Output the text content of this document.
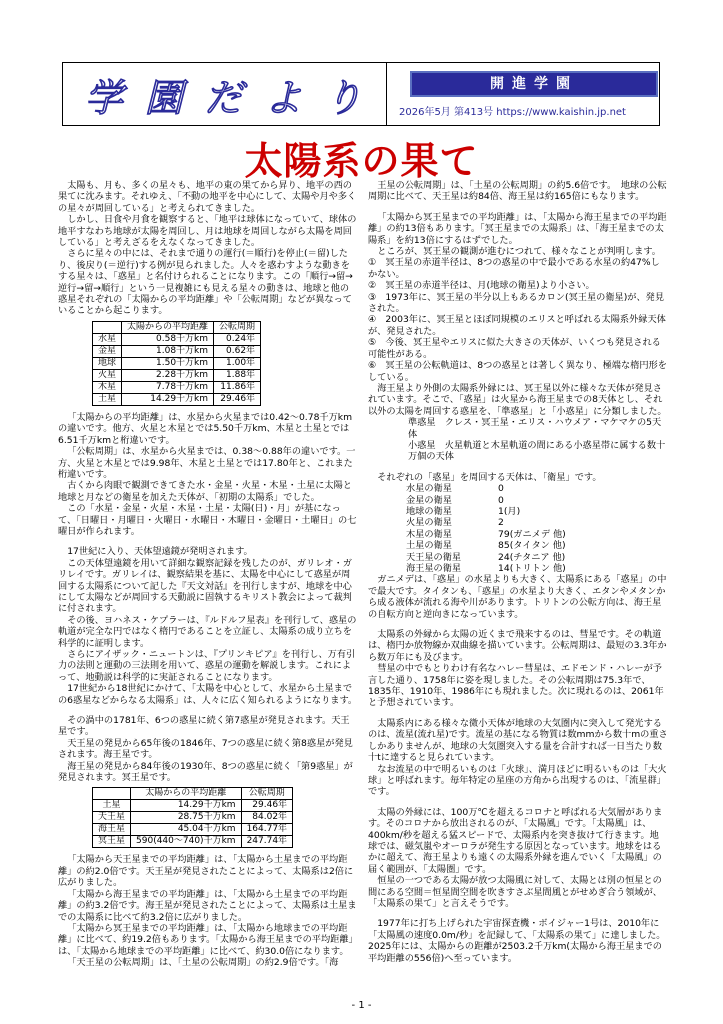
学 園 だ よ り	開進学園
2026年5月 第413号 https://www.kaishin.jp.net
太陽系の果て

太陽も、月も、多くの星々も、地平の東の果てから昇り、地平の西の果てに沈みます。それゆえ、「不動の地平を中心にして、太陽や月や多くの星々が周回している」と考えられてきました。

しかし、日食や月食を観察すると、「地平は球体になっていて、球体の地平すなわち地球が太陽を周回し、月は地球を周回しながら太陽を周回している」と考えざるをえなくなってきました。

さらに星々の中には、それまで通りの運行(＝順行)を停止(＝留)したり、後戻り(＝逆行)する例が見られました。人々を惑わすような動きをする星々は、「惑星」と名付けられることになります。この「順行→留→逆行→留→順行」という一見複雑にも見える星々の動きは、地球と他の惑星それぞれの「太陽からの平均距離」や「公転周期」などが異なっていることから起こります。

	太陽からの平均距離	公転周期
水星	0.58千万km	0.24年
金星	1.08千万km	0.62年
地球	1.50千万km	1.00年
火星	2.28千万km	1.88年
木星	7.78千万km	11.86年
土星	14.29千万km	29.46年

「太陽からの平均距離」は、水星から火星までは0.42～0.78千万kmの違いです。他方、火星と木星とでは5.50千万km、木星と土星とでは6.51千万kmと桁違いです。

「公転周期」は、水星から火星までは、0.38～0.88年の違いです。一方、火星と木星とでは9.98年、木星と土星とでは17.80年と、これまた桁違いです。

古くから肉眼で観測できてきた水・金星・火星・木星・土星に太陽と地球と月などの衛星を加えた天体が、「初期の太陽系」でした。

この「水星・金星・火星・木星・土星・太陽(日)・月」が基になって、「日曜日・月曜日・火曜日・水曜日・木曜日・金曜日・土曜日」の七曜日が作られます。

17世紀に入り、天体望遠鏡が発明されます。

この天体望遠鏡を用いて詳細な観察記録を残したのが、ガリレオ・ガリレイです。ガリレイは、観察結果を基に、太陽を中心にして惑星が周回する太陽系について記した『天文対話』を刊行しますが、地球を中心にして太陽などが周回する天動説に固執するキリスト教会によって裁判に付されます。

その後、ヨハネス・ケプラーは、『ルドルフ星表』を刊行して、惑星の軌道が完全な円ではなく楕円であることを立証し、太陽系の成り立ちを科学的に証明します。

さらにアイザック・ニュートンは、『プリンキピア』を刊行し、万有引力の法則と運動の三法則を用いて、惑星の運動を解説します。これによって、地動説は科学的に実証されることになります。

17世紀から18世紀にかけて、「太陽を中心として、水星から土星までの6惑星などからなる太陽系」は、人々に広く知られるようになります。

その渦中の1781年、6つの惑星に続く第7惑星が発見されます。天王星です。

天王星の発見から65年後の1846年、7つの惑星に続く第8惑星が発見されます。海王星です。

海王星の発見から84年後の1930年、8つの惑星に続く「第9惑星」が発見されます。冥王星です。

	太陽からの平均距離	公転周期
土星	14.29千万km	29.46年
天王星	28.75千万km	84.02年
海王星	45.04千万km	164.77年
冥王星	590(440～740)千万km	247.74年

「太陽から天王星までの平均距離」は、「太陽から土星までの平均距離」の約2.0倍です。天王星が発見されたことによって、太陽系は2倍に広がりました。

「太陽から海王星までの平均距離」は、「太陽から土星までの平均距離」の約3.2倍です。海王星が発見されたことによって、太陽系は土星までの太陽系に比べて約3.2倍に広がりました。

「太陽から冥王星までの平均距離」は、「太陽から地球までの平均距離」に比べて、約19.2倍もあります。「太陽から海王星までの平均距離」は、「太陽から地球までの平均距離」に比べて、約30.0倍になります。

「天王星の公転周期」は、「土星の公転周期」の約2.9倍です。「海

王星の公転周期」は、「土星の公転周期」の約5.6倍です。　地球の公転周期に比べて、天王星は約84倍、海王星は約165倍にもなります。

「太陽から冥王星までの平均距離」は、「太陽から海王星までの平均距離」の約13倍もあります。「冥王星までの太陽系」は、「海王星までの太陽系」を約13倍にするはずでした。

ところが、冥王星の観測が進むにつれて、様々なことが判明します。

①　冥王星の赤道半径は、8つの惑星の中で最小である水星の約47%しかない。

②　冥王星の赤道半径は、月(地球の衛星)より小さい。

③　1973年に、冥王星の半分以上もあるカロン(冥王星の衛星)が、発見された。

④　2003年に、冥王星とほぼ同規模のエリスと呼ばれる太陽系外縁天体が、発見された。

⑤　今後、冥王星やエリスに似た大きさの天体が、いくつも発見される可能性がある。

⑥　冥王星の公転軌道は、8つの惑星とは著しく異なり、極端な楕円形をしている。

海王星より外側の太陽系外縁には、冥王星以外に様々な天体が発見されています。そこで、「惑星」は火星から海王星までの8天体とし、それ以外の太陽を周回する惑星を、「準惑星」と「小惑星」に分類しました。

準惑星　クレス・冥王星・エリス・ハウメア・マケマケの5天体

小惑星　火星軌道と木星軌道の間にある小惑星帯に属する数十万個の天体

それぞれの「惑星」を周回する天体は、「衛星」です。

水星の衛星	0
金星の衛星	0
地球の衛星	1(月)
火星の衛星	2
木星の衛星	79(ガニメデ 他)
土星の衛星	85(タイタン 他)
天王星の衛星	24(チタニア 他)
海王星の衛星	14(トリトン 他)

ガニメデは、「惑星」の水星よりも大きく、太陽系にある「惑星」の中で最大です。タイタンも、「惑星」の水星より大きく、エタンやメタンから成る液体が流れる海や川があります。トリトンの公転方向は、海王星の自転方向と逆向きになっています。

太陽系の外縁から太陽の近くまで飛来するのは、彗星です。その軌道は、楕円か放物線か双曲線を描いています。公転周期は、最短の3.3年から数万年にも及びます。

彗星の中でもとりわけ有名なハレー彗星は、エドモンド・ハレーが予言した通り、1758年に姿を現しました。その公転周期は75.3年で、1835年、1910年、1986年にも現れました。次に現れるのは、2061年と予想されています。

太陽系内にある様々な微小天体が地球の大気圏内に突入して発光するのは、流星(流れ星)です。流星の基になる物質は数mmから数十mの重さしかありませんが、地球の大気圏突入する量を合計すれば一日当たり数十tに達すると見られています。

なお流星の中で明るいものは「火球」、満月ほどに明るいものは「大火球」と呼ばれます。毎年特定の星座の方角から出現するのは、「流星群」です。

太陽の外縁には、100万℃を超えるコロナと呼ばれる大気層があります。そのコロナから放出されるのが、「太陽風」です。「太陽風」は、400km/秒を超える猛スピードで、太陽系内を突き抜けて行きます。地球では、磁気嵐やオーロラが発生する原因となっています。地球をはるかに超えて、海王星よりも遠くの太陽系外縁を進んでいく「太陽風」の届く範囲が、「太陽圏」です。

恒星の一つである太陽が放つ太陽風に対して、太陽とは別の恒星との間にある空間＝恒星間空間を吹きすさぶ星間風とがせめぎ合う領域が、「太陽系の果て」と言えそうです。

1977年に打ち上げられた宇宙探査機・ボイジャー1号は、2010年に「太陽風の速度0.0m/秒」を記録して、「太陽系の果て」に達しました。2025年には、太陽からの距離が2503.2千万km(太陽から海王星までの平均距離の556倍)へ至っています。

- 1 -
